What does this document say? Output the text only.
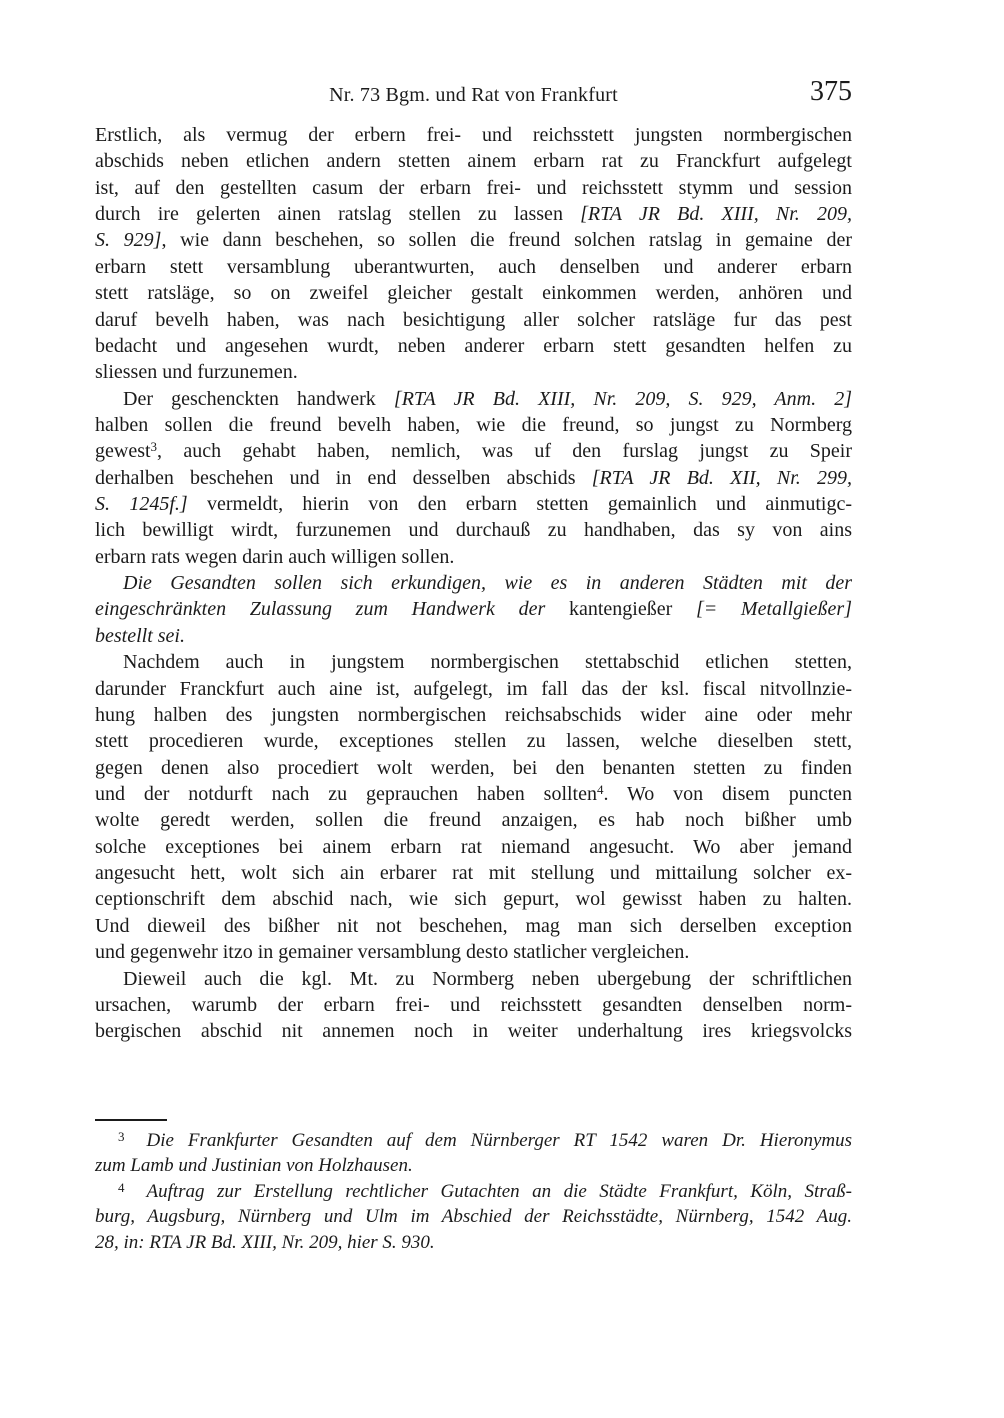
Nr. 73 Bgm. und Rat von Frankfurt	375
Erstlich, als vermug der erbern frei- und reichsstett jungsten normbergischen
abschids neben etlichen andern stetten ainem erbarn rat zu Franckfurt aufgelegt
ist, auf den gestellten casum der erbarn frei- und reichsstett stymm und session
durch ire gelerten ainen ratslag stellen zu lassen [RTA JR Bd. XIII, Nr. 209,
S. 929], wie dann beschehen, so sollen die freund solchen ratslag in gemaine der
erbarn stett versamblung uberantwurten, auch denselben und anderer erbarn
stett ratsläge, so on zweifel gleicher gestalt einkommen werden, anhören und
daruf bevelh haben, was nach besichtigung aller solcher ratsläge fur das pest
bedacht und angesehen wurdt, neben anderer erbarn stett gesandten helfen zu
sliessen und furzunemen.
Der geschenckten handwerk [RTA JR Bd. XIII, Nr. 209, S. 929, Anm. 2]
halben sollen die freund bevelh haben, wie die freund, so jungst zu Normberg
gewest$^3$, auch gehabt haben, nemlich, was uf den furslag jungst zu Speir
derhalben beschehen und in end desselben abschids [RTA JR Bd. XII, Nr. 299,
S. 1245f.] vermeldt, hierin von den erbarn stetten gemainlich und ainmutigc-
lich bewilligt wirdt, furzunemen und durchauß zu handhaben, das sy von ains
erbarn rats wegen darin auch willigen sollen.
Die Gesandten sollen sich erkundigen, wie es in anderen Städten mit der
eingeschränkten Zulassung zum Handwerk der kantengießer [= Metallgießer]
bestellt sei.
Nachdem auch in jungstem normbergischen stettabschid etlichen stetten,
darunder Franckfurt auch aine ist, aufgelegt, im fall das der ksl. fiscal nitvollnzie-
hung halben des jungsten normbergischen reichsabschids wider aine oder mehr
stett procedieren wurde, exceptiones stellen zu lassen, welche dieselben stett,
gegen denen also procediert wolt werden, bei den benanten stetten zu finden
und der notdurft nach zu geprauchen haben sollten$^4$. Wo von disem puncten
wolte geredt werden, sollen die freund anzaigen, es hab noch bißher umb
solche exceptiones bei ainem erbarn rat niemand angesucht. Wo aber jemand
angesucht hett, wolt sich ain erbarer rat mit stellung und mittailung solcher ex-
ceptionschrift dem abschid nach, wie sich gepurt, wol gewisst haben zu halten.
Und dieweil des bißher nit not beschehen, mag man sich derselben exception
und gegenwehr itzo in gemainer versamblung desto statlicher vergleichen.
Dieweil auch die kgl. Mt. zu Normberg neben ubergebung der schriftlichen
ursachen, warumb der erbarn frei- und reichsstett gesandten denselben norm-
bergischen abschid nit annemen noch in weiter underhaltung ires kriegsvolcks
$^3$ Die Frankfurter Gesandten auf dem Nürnberger RT 1542 waren Dr. Hieronymus
zum Lamb und Justinian von Holzhausen.
$^4$ Auftrag zur Erstellung rechtlicher Gutachten an die Städte Frankfurt, Köln, Straß-
burg, Augsburg, Nürnberg und Ulm im Abschied der Reichsstädte, Nürnberg, 1542 Aug.
28, in: RTA JR Bd. XIII, Nr. 209, hier S. 930.
